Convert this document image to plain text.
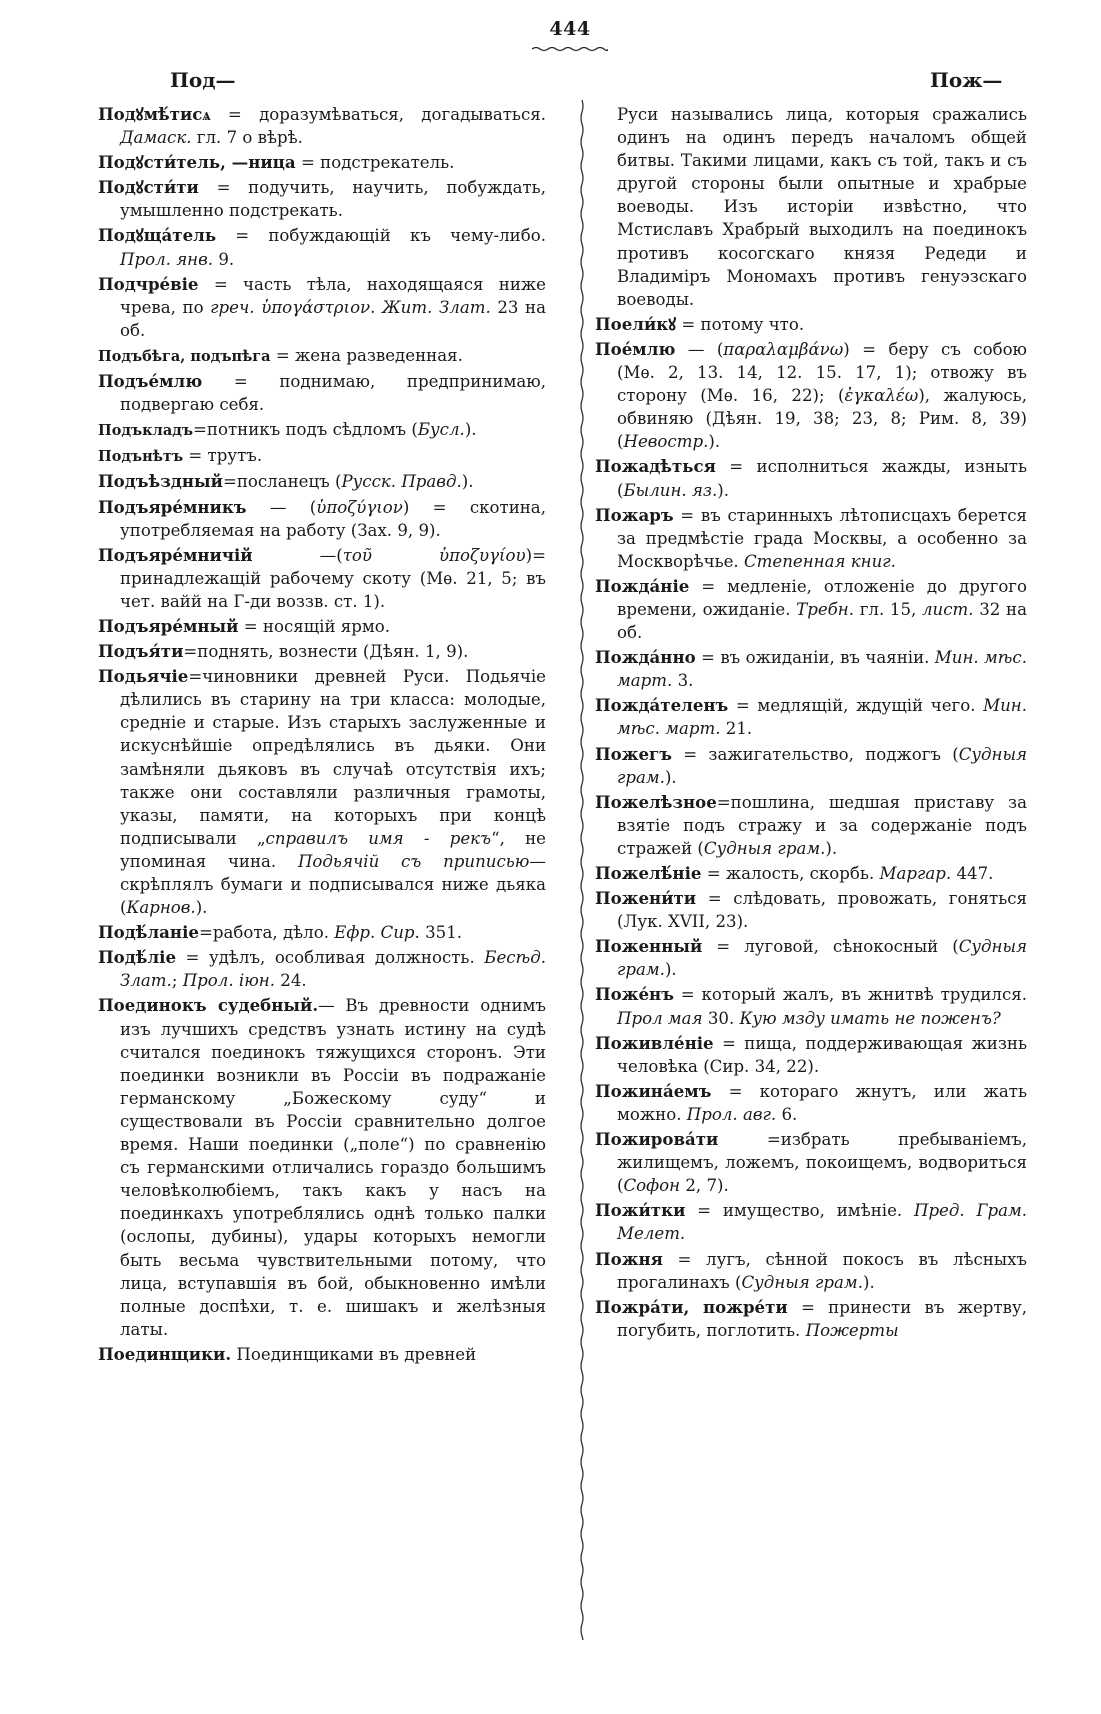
Под—
444
Пож—

Подꙋмѣ́тисѧ = доразумѣваться, догадываться. Дамаск. гл. 7 о вѣрѣ.

Подꙋсти́тель, —ница = подстрекатель.

Подꙋсти́ти = подучить, научить, побуждать, умышленно подстрекать.

Подꙋща́тель = побуждающій къ чему-либо. Прол. янв. 9.

Подчре́віе = часть тѣла, находящаяся ниже чрева, по греч. ὑπογάστριον. Жит. Злат. 23 на об.

Подъбѣга, подъпѣга = жена разведенная.

Подъе́млю = поднимаю, предпринимаю, подвергаю себя.

Подъкладъ=потникъ подъ сѣдломъ (Бусл.).

Подънѣтъ = трутъ.

Подъѣздный=посланецъ (Русск. Правд.).

Подъяре́мникъ — (ὑποζύγιον) = скотина, употребляемая на работу (Зах. 9, 9).

Подъяре́мничій —(τοῦ ὑποζυγίου)= принадлежащій рабочему скоту (Мѳ. 21, 5; въ чет. вайй на Г-ди воззв. ст. 1).

Подъяре́мный = носящій ярмо.

Подъя́ти=поднять, вознести (Дѣян. 1, 9).

Подьячіе=чиновники древней Руси. Подьячіе дѣлились въ старину на три класса: молодые, средніе и старые. Изъ старыхъ заслуженные и искуснѣйшіе опредѣлялись въ дьяки. Они замѣняли дьяковъ въ случаѣ отсутствія ихъ; также они составляли различныя грамоты, указы, памяти, на которыхъ при концѣ подписывали „справилъ имя - рекъ“, не упоминая чина. Подьячій съ приписью— скрѣплялъ бумаги и подписывался ниже дьяка (Карнов.).

Подѣ́ланіе=работа, дѣло. Ефр. Сир. 351.

Подѣ́ліе = удѣлъ, особливая должность. Бесѣд. Злат.; Прол. іюн. 24.

Поединокъ судебный.— Въ древности однимъ изъ лучшихъ средствъ узнать истину на судѣ считался поединокъ тяжущихся сторонъ. Эти поединки возникли въ Россіи въ подражаніе германскому „Божескому суду“ и существовали въ Россіи сравнительно долгое время. Наши поединки („поле“) по сравненію съ германскими отличались гораздо большимъ человѣколюбіемъ, такъ какъ у насъ на поединкахъ употреблялись однѣ только палки (ослопы, дубины), удары которыхъ немогли быть весьма чувствительными потому, что лица, вступавшія въ бой, обыкновенно имѣли полные доспѣхи, т. е. шишакъ и желѣзныя латы.

Поединщики. Поединщиками въ древней

Руси назывались лица, которыя сражались одинъ на одинъ передъ началомъ общей битвы. Такими лицами, какъ съ той, такъ и съ другой стороны были опытные и храбрые воеводы. Изъ исторіи извѣстно, что Мстиславъ Храбрый выходилъ на поединокъ противъ косогскаго князя Редеди и Владиміръ Мономахъ противъ генуэзскаго воеводы.

Поели́кꙋ = потому что.

Пое́млю — (παραλαμβάνω) = беру съ собою (Мѳ. 2, 13. 14, 12. 15. 17, 1); отвожу въ сторону (Мѳ. 16, 22); (ἐγκαλέω), жалуюсь, обвиняю (Дѣян. 19, 38; 23, 8; Рим. 8, 39) (Невостр.).

Пожадѣться = исполниться жажды, изныть (Былин. яз.).

Пожаръ = въ старинныхъ лѣтописцахъ берется за предмѣстіе града Москвы, а особенно за Москворѣчье. Степенная книг.

Пожда́ніе = медленіе, отложеніе до другого времени, ожиданіе. Требн. гл. 15, лист. 32 на об.

Пожда́нно = въ ожиданіи, въ чаяніи. Мин. мѣс. март. 3.

Пожда́теленъ = медлящій, ждущій чего. Мин. мѣс. март. 21.

Пожегъ = зажигательство, поджогъ (Судныя грам.).

Пожелѣзное=пошлина, шедшая приставу за взятіе подъ стражу и за содержаніе подъ стражей (Судныя грам.).

Пожелѣ́ніе = жалость, скорбь. Маргар. 447.

Пожени́ти = слѣдовать, провожать, гоняться (Лук. XVII, 23).

Поженный = луговой, сѣнокосный (Судныя грам.).

Поже́нъ = который жалъ, въ жнитвѣ трудился. Прол мая 30. Кую мзду имать не поженъ?

Поживле́ніе = пища, поддерживающая жизнь человѣка (Сир. 34, 22).

Пожина́емъ = котораго жнутъ, или жать можно. Прол. авг. 6.

Пожирова́ти =избрать пребываніемъ, жилищемъ, ложемъ, покоищемъ, водвориться (Софон 2, 7).

Пожи́тки = имущество, имѣніе. Пред. Грам. Мелет.

Пожня = лугъ, сѣнной покосъ въ лѣсныхъ прогалинахъ (Судныя грам.).

Пожра́ти, пожре́ти = принести въ жертву, погубить, поглотить. Пожерты
